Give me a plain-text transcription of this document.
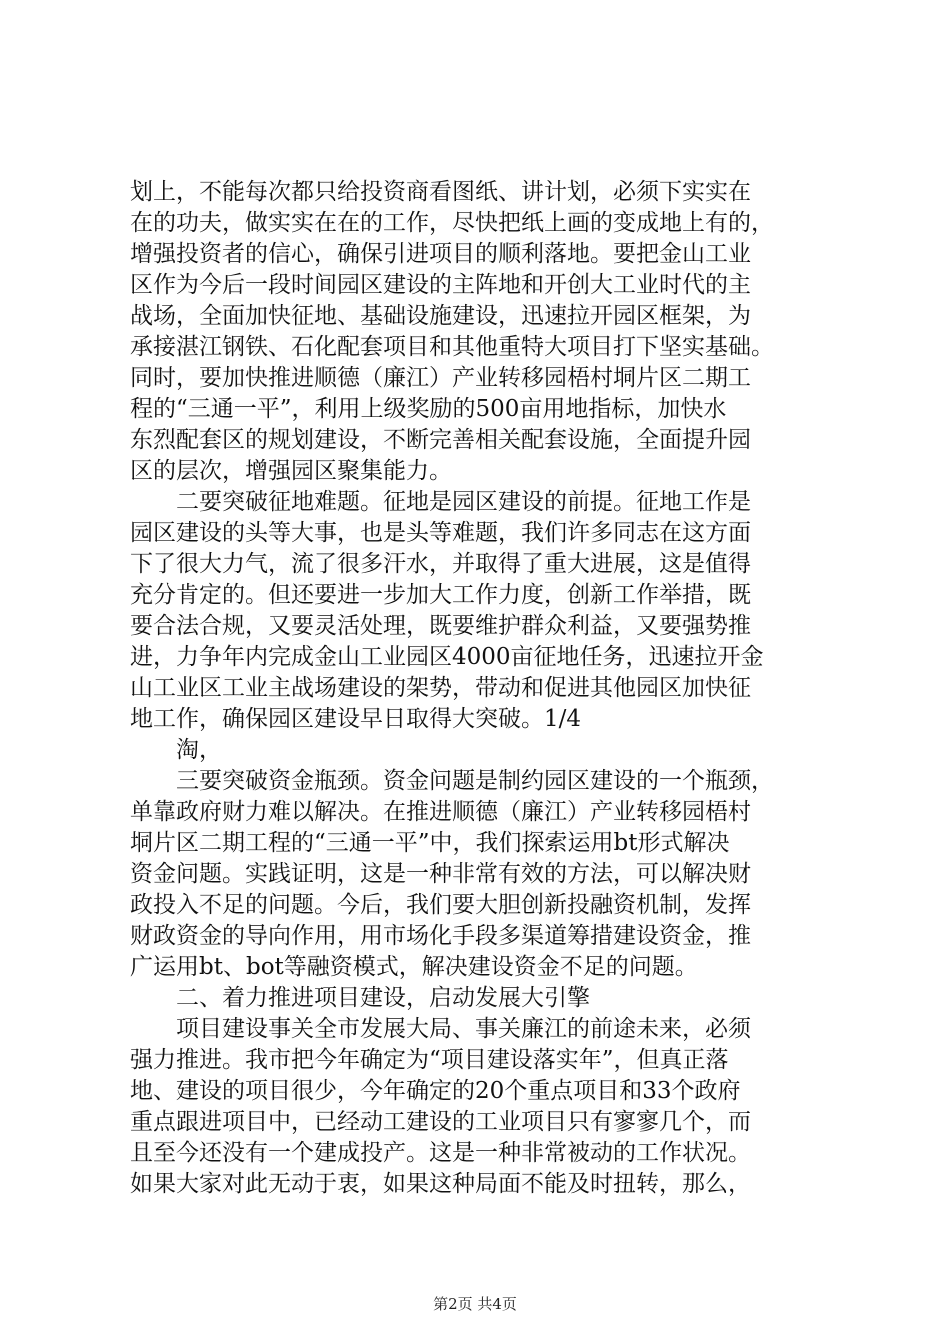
划上，不能每次都只给投资商看图纸、讲计划，必须下实实在
在的功夫，做实实在在的工作，尽快把纸上画的变成地上有的，
增强投资者的信心，确保引进项目的顺利落地。要把金山工业
区作为今后一段时间园区建设的主阵地和开创大工业时代的主
战场，全面加快征地、基础设施建设，迅速拉开园区框架，为
承接湛江钢铁、石化配套项目和其他重特大项目打下坚实基础。
同时，要加快推进顺德（廉江）产业转移园梧村垌片区二期工
程的“三通一平”，利用上级奖励的500亩用地指标，加快水
东烈配套区的规划建设，不断完善相关配套设施，全面提升园
区的层次，增强园区聚集能力。
　　二要突破征地难题。征地是园区建设的前提。征地工作是
园区建设的头等大事，也是头等难题，我们许多同志在这方面
下了很大力气，流了很多汗水，并取得了重大进展，这是值得
充分肯定的。但还要进一步加大工作力度，创新工作举措，既
要合法合规，又要灵活处理，既要维护群众利益，又要强势推
进，力争年内完成金山工业园区4000亩征地任务，迅速拉开金
山工业区工业主战场建设的架势，带动和促进其他园区加快征
地工作，确保园区建设早日取得大突破。1/4
　　淘，
　　三要突破资金瓶颈。资金问题是制约园区建设的一个瓶颈，
单靠政府财力难以解决。在推进顺德（廉江）产业转移园梧村
垌片区二期工程的“三通一平”中，我们探索运用bt形式解决
资金问题。实践证明，这是一种非常有效的方法，可以解决财
政投入不足的问题。今后，我们要大胆创新投融资机制，发挥
财政资金的导向作用，用市场化手段多渠道筹措建设资金，推
广运用bt、bot等融资模式，解决建设资金不足的问题。
　　二、着力推进项目建设，启动发展大引擎
　　项目建设事关全市发展大局、事关廉江的前途未来，必须
强力推进。我市把今年确定为“项目建设落实年”，但真正落
地、建设的项目很少，今年确定的20个重点项目和33个政府
重点跟进项目中，已经动工建设的工业项目只有寥寥几个，而
且至今还没有一个建成投产。这是一种非常被动的工作状况。
如果大家对此无动于衷，如果这种局面不能及时扭转，那么，
第2页 共4页
